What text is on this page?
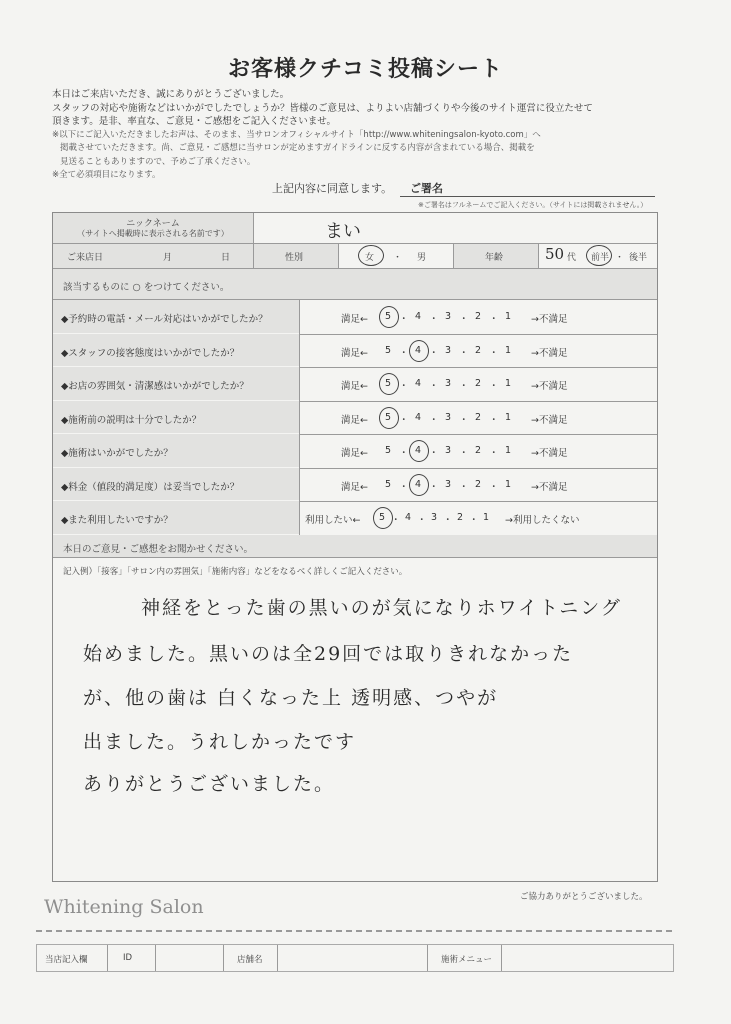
お客様クチコミ投稿シート
本日はご来店いただき、誠にありがとうございました。
スタッフの対応や施術などはいかがでしたでしょうか？皆様のご意見は、よりよい店舗づくりや今後のサイト運営に役立たせて
頂きます。是非、率直な、ご意見・ご感想をご記入くださいませ。
※以下にご記入いただきましたお声は、そのまま、当サロンオフィシャルサイト「http://www.whiteningsalon-kyoto.com」へ
掲載させていただきます。尚、ご意見・ご感想に当サロンが定めますガイドラインに反する内容が含まれている場合、掲載を
見送ることもありますので、予めご了承ください。
※全て必須項目になります。
上記内容に同意します。 ご署名
※ご署名はフルネームでご記入ください。（サイトには掲載されません。）
ニックネーム
（サイトへ掲載時に表示される名前です）	まい
ご来店日	月	日	性別	女 ・ 男	年齢	50 代 前半 ・ 後半
該当するものに ○ をつけてください。
◆予約時の電話・メール対応はいかがでしたか？	満足← 5 ・ 4 ・ 3 ・ 2 ・ 1 →不満足
◆スタッフの接客態度はいかがでしたか？	満足← 5 ・ 4 ・ 3 ・ 2 ・ 1 →不満足
◆お店の雰囲気・清潔感はいかがでしたか？	満足← 5 ・ 4 ・ 3 ・ 2 ・ 1 →不満足
◆施術前の説明は十分でしたか？	満足← 5 ・ 4 ・ 3 ・ 2 ・ 1 →不満足
◆施術はいかがでしたか？	満足← 5 ・ 4 ・ 3 ・ 2 ・ 1 →不満足
◆料金（値段的満足度）は妥当でしたか？	満足← 5 ・ 4 ・ 3 ・ 2 ・ 1 →不満足
◆また利用したいですか？	利用したい← 5 ・ 4 ・ 3 ・ 2 ・ 1 →利用したくない
本日のご意見・ご感想をお聞かせください。
記入例）「接客」「サロン内の雰囲気」「施術内容」などをなるべく詳しくご記入ください。
神経をとった歯の黒いのが気になりホワイトニング
始めました。黒いのは全29回では取りきれなかった
が、他の歯は 白くなった上 透明感、つやが
出ました。うれしかったです
ありがとうございました。
ご協力ありがとうございました。
Whitening Salon
当店記入欄	ID	店舗名	施術メニュー
